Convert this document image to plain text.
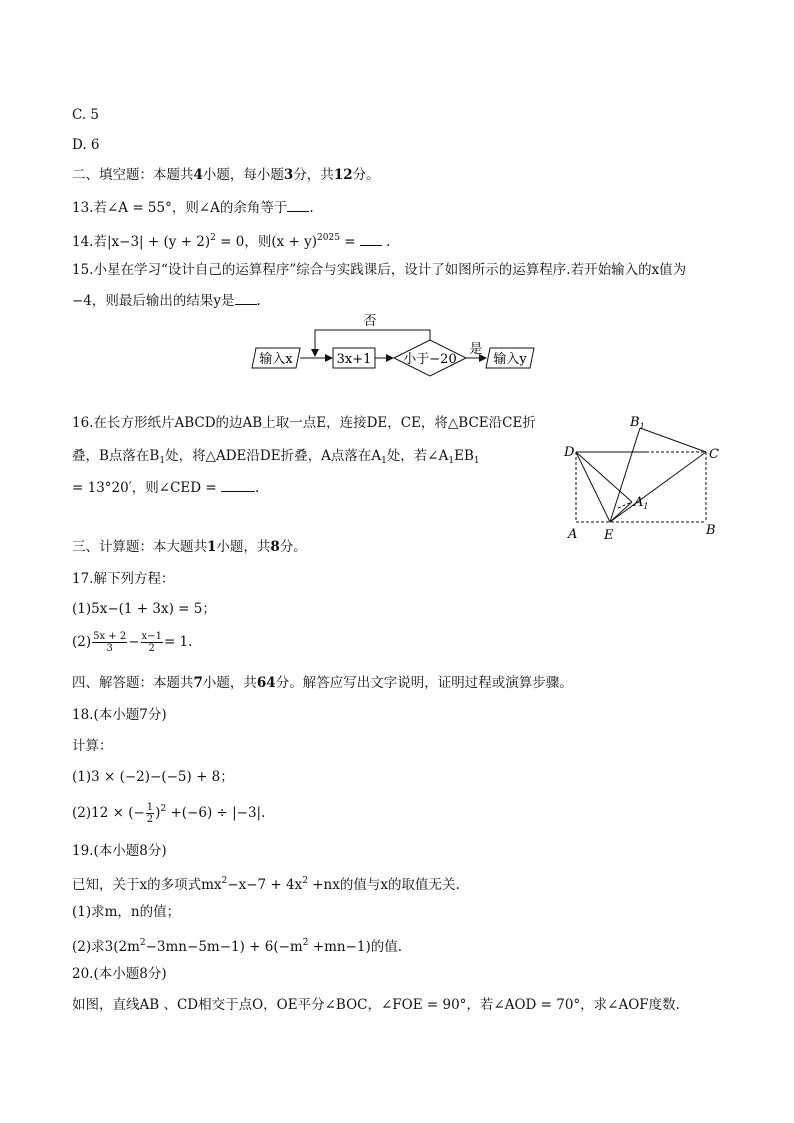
C. 5
D. 6
二、填空题：本题共4小题，每小题3分，共12分。
13.若∠A = 55°，则∠A的余角等于 .
14.若$|x-3| + (y + 2)^2 = 0$，则$(x + y)^{2025}$ =  .
15.小星在学习“设计自己的运算程序”综合与实践课后，设计了如图所示的运算程序.若开始输入的x值为
−4，则最后输出的结果y是 .
输入x	3x+1 小于−20
否
是
输入y
16.在长方形纸片ABCD的边AB上取一点E，连接DE，CE，将△BCE沿CE折
叠，B点落在$B_1$处，将△ADE沿DE折叠，A点落在$A_1$处，若$\angle A_1EB_1$
= 13°20′，则∠CED =	.
D	C
A E	B
$B_1$
$A_1$
三、计算题：本大题共1小题，共8分。
17.解下列方程：
(1)5x−(1 + 3x) = 5；
$(2) \frac{5x + 2}{3} - \frac{x-1}{2} = 1$.
四、解答题：本题共7小题，共64分。解答应写出文字说明，证明过程或演算步骤。
18.(本小题7分)
计算：
(1)3 × (−2)−(−5) + 8；
(2)12 × (− $\frac{1}{2} )^2 +(-6) \div |-3|$.
19.(本小题8分)
已知，关于x的多项式$mx^2-x-7 + 4x^2 +nx$的值与x的取值无关.
(1)求m，n的值；
(2)求$3(2m^2-3mn-5m-1) + 6(-m^2 +mn-1)$的值.
20.(本小题8分)
如图，直线AB 、CD相交于点O，OE平分∠BOC，∠FOE = 90°，若∠AOD = 70°，求∠AOF度数.
